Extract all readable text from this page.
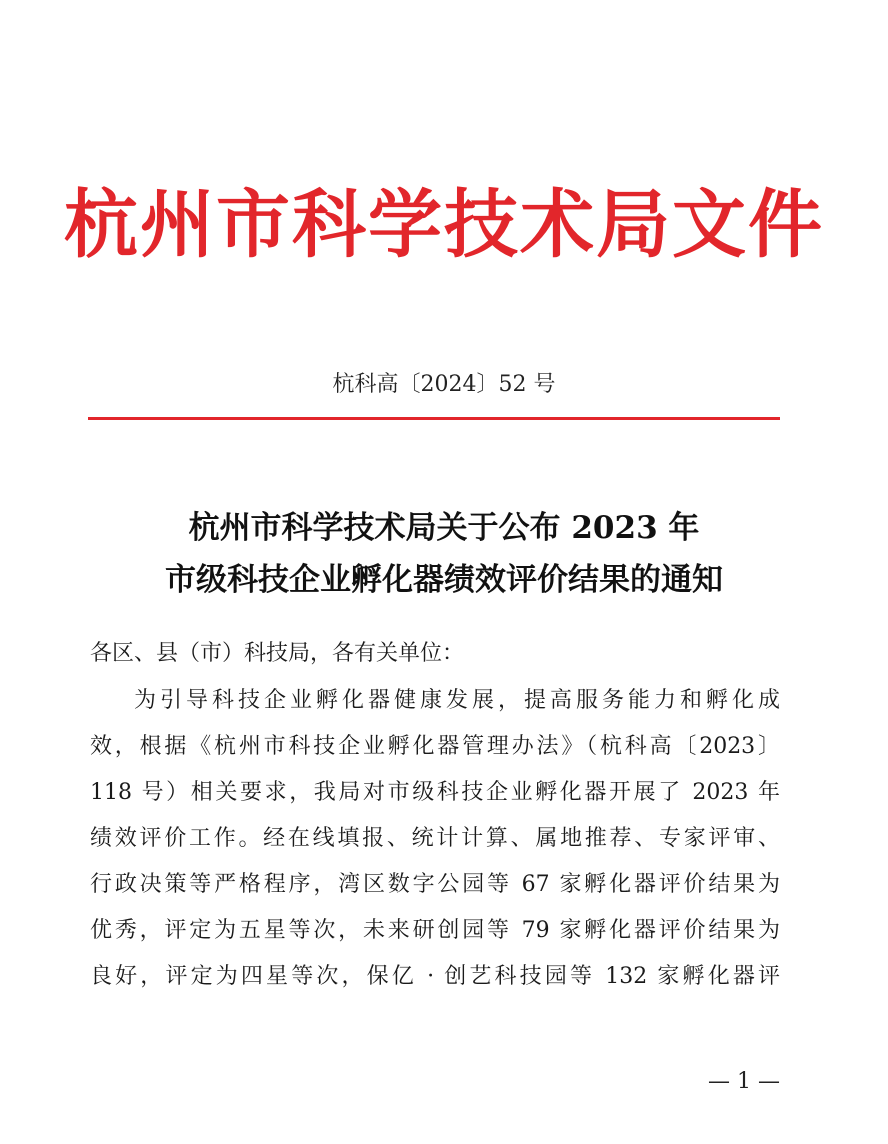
杭州市科学技术局文件
杭科高〔2024〕52 号
杭州市科学技术局关于公布 2023 年
市级科技企业孵化器绩效评价结果的通知
各区、县（市）科技局，各有关单位：
为引导科技企业孵化器健康发展，提高服务能力和孵化成
效，根据《杭州市科技企业孵化器管理办法》（杭科高〔2023〕
118 号）相关要求，我局对市级科技企业孵化器开展了 2023 年
绩效评价工作。经在线填报、统计计算、属地推荐、专家评审、
行政决策等严格程序，湾区数字公园等 67 家孵化器评价结果为
优秀，评定为五星等次，未来研创园等 79 家孵化器评价结果为
良好，评定为四星等次，保亿 · 创艺科技园等 132 家孵化器评
— 1 —
